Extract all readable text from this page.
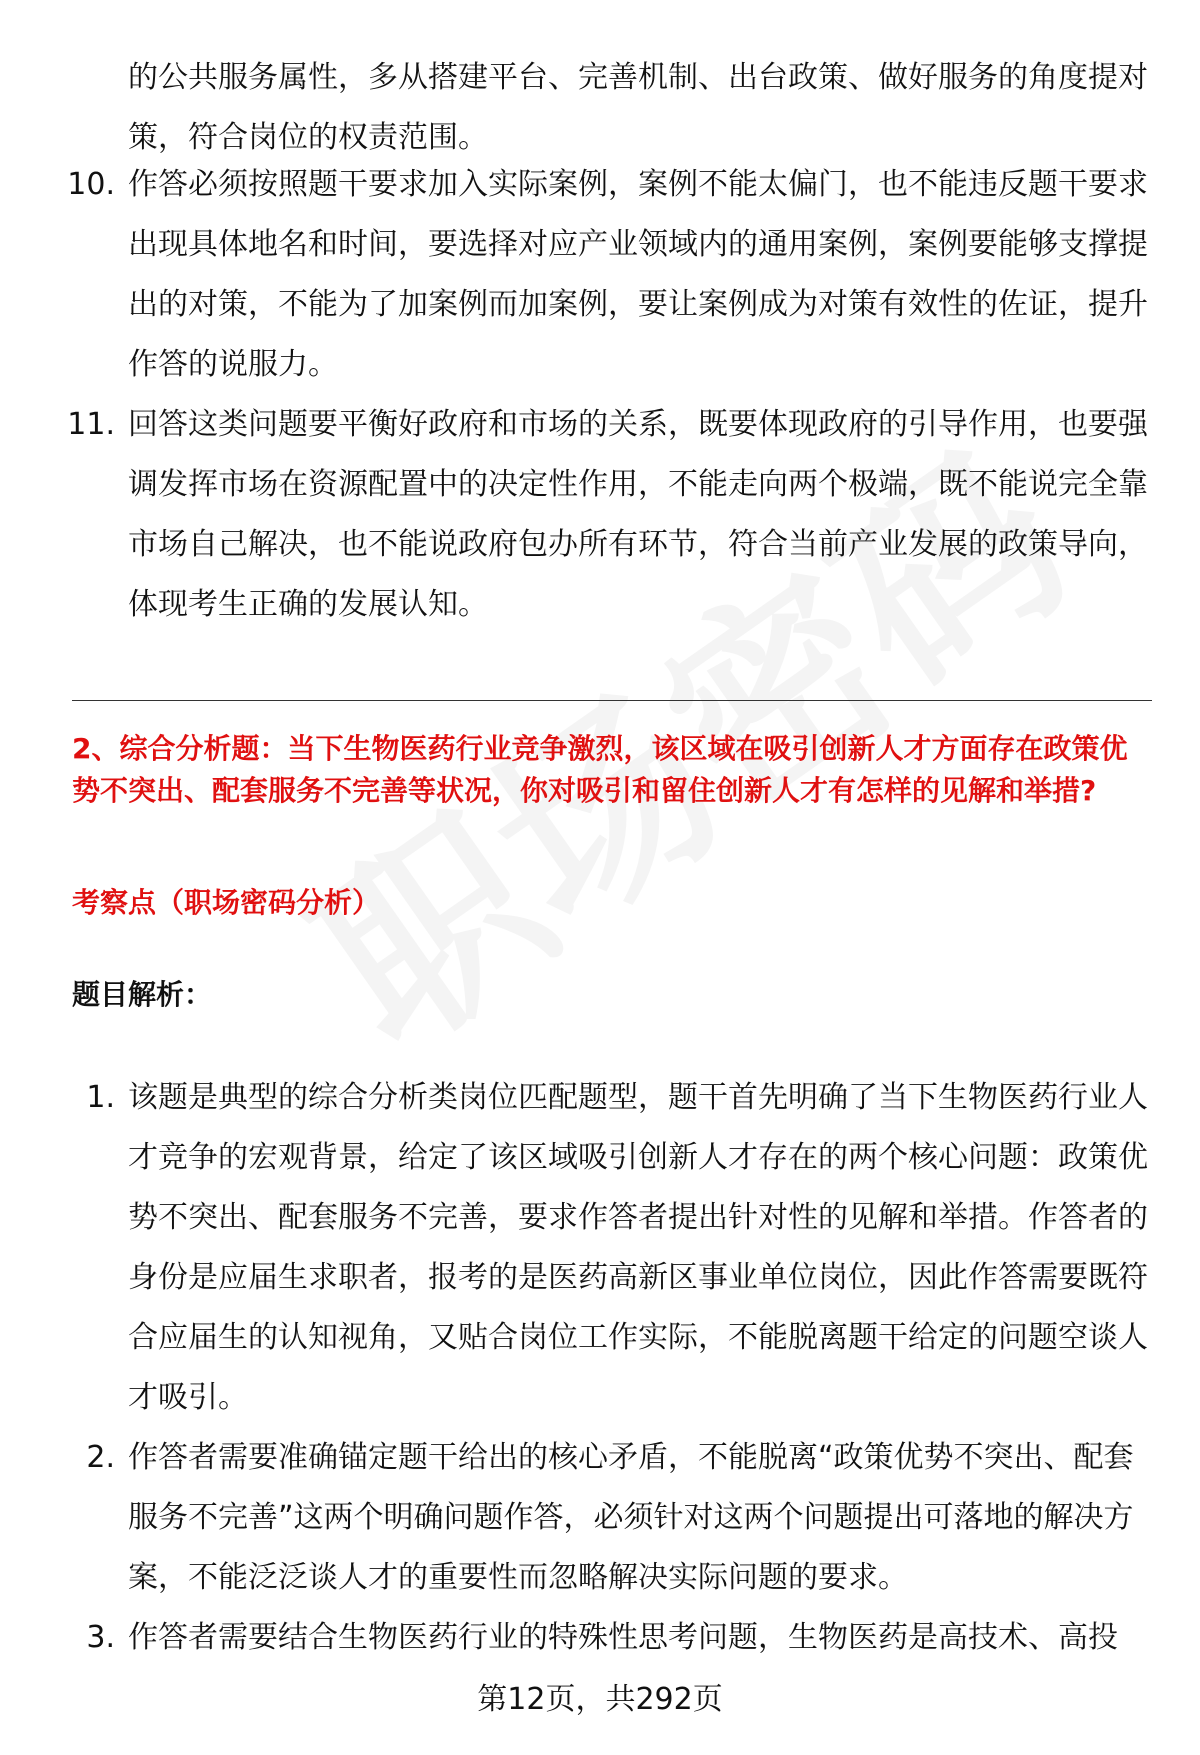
的公共服务属性，多从搭建平台、完善机制、出台政策、做好服务的角度提对策，符合岗位的权责范围。

10. 作答必须按照题干要求加入实际案例，案例不能太偏门，也不能违反题干要求出现具体地名和时间，要选择对应产业领域内的通用案例，案例要能够支撑提出的对策，不能为了加案例而加案例，要让案例成为对策有效性的佐证，提升作答的说服力。
11. 回答这类问题要平衡好政府和市场的关系，既要体现政府的引导作用，也要强调发挥市场在资源配置中的决定性作用，不能走向两个极端，既不能说完全靠市场自己解决，也不能说政府包办所有环节，符合当前产业发展的政策导向，体现考生正确的发展认知。

2、综合分析题：当下生物医药行业竞争激烈，该区域在吸引创新人才方面存在政策优势不突出、配套服务不完善等状况，你对吸引和留住创新人才有怎样的见解和举措?

考察点（职场密码分析）

题目解析：

1. 该题是典型的综合分析类岗位匹配题型，题干首先明确了当下生物医药行业人才竞争的宏观背景，给定了该区域吸引创新人才存在的两个核心问题：政策优势不突出、配套服务不完善，要求作答者提出针对性的见解和举措。作答者的身份是应届生求职者，报考的是医药高新区事业单位岗位，因此作答需要既符合应届生的认知视角，又贴合岗位工作实际，不能脱离题干给定的问题空谈人才吸引。
2. 作答者需要准确锚定题干给出的核心矛盾，不能脱离“政策优势不突出、配套服务不完善”这两个明确问题作答，必须针对这两个问题提出可落地的解决方案，不能泛泛谈人才的重要性而忽略解决实际问题的要求。
3. 作答者需要结合生物医药行业的特殊性思考问题，生物医药是高技术、高投
第12页，共292页
